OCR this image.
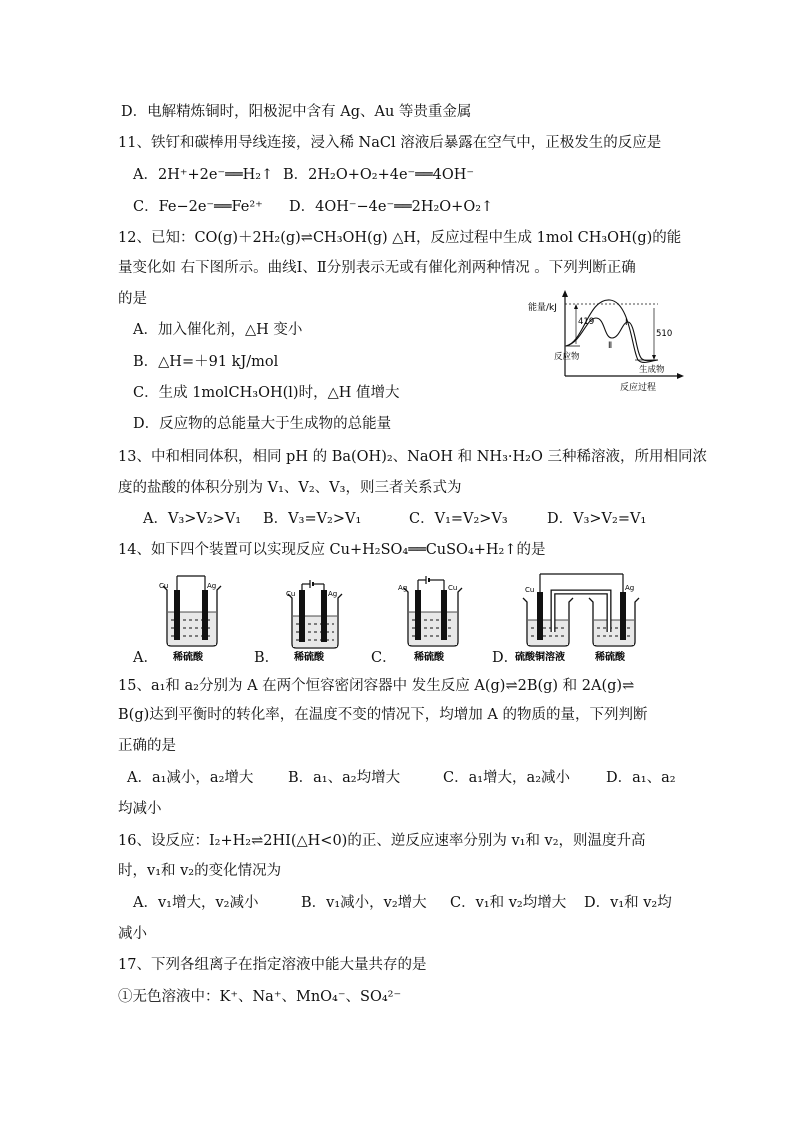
D．电解精炼铜时，阳极泥中含有 Ag、Au 等贵重金属
11、铁钉和碳棒用导线连接，浸入稀 NaCl 溶液后暴露在空气中，正极发生的反应是
A．2H⁺+2e⁻══H₂↑ B．2H₂O+O₂+4e⁻══4OH⁻
C．Fe−2e⁻══Fe²⁺ D．4OH⁻−4e⁻══2H₂O+O₂↑
12、已知：CO(g)＋2H₂(g)⇌CH₃OH(g) △H，反应过程中生成 1mol CH₃OH(g)的能
量变化如 右下图所示。曲线Ⅰ、Ⅱ分别表示无或有催化剂两种情况 。下列判断正确
的是
A．加入催化剂，△H 变小
B．△H=＋91 kJ/mol
C．生成 1molCH₃OH(l)时，△H 值增大
D．反应物的总能量大于生成物的总能量
能量/kJ
419
510
Ⅰ
Ⅱ
反应物
生成物
反应过程
13、中和相同体积，相同 pH 的 Ba(OH)₂、NaOH 和 NH₃·H₂O 三种稀溶液，所用相同浓
度的盐酸的体积分别为 V₁、V₂、V₃，则三者关系式为
A．V₃>V₂>V₁ B．V₃=V₂>V₁	C．V₁=V₂>V₃	D．V₃>V₂=V₁
14、如下四个装置可以实现反应 Cu+H₂SO₄══CuSO₄+H₂↑的是
A．	B．	C．	D．
Cu	Ag
稀硫酸
Cu	Ag
稀硫酸
Ag	Cu
稀硫酸
Cu	Ag
硫酸铜溶液	稀硫酸
15、a₁和 a₂分别为 A 在两个恒容密闭容器中 发生反应 A(g)⇌2B(g) 和 2A(g)⇌
B(g)达到平衡时的转化率，在温度不变的情况下，均增加 A 的物质的量，下列判断
正确的是
A．a₁减小，a₂增大 B．a₁、a₂均增大	C．a₁增大，a₂减小 D．a₁、a₂
均减小
16、设反应：I₂+H₂⇌2HI(△H<0)的正、逆反应速率分别为 v₁和 v₂，则温度升高
时，v₁和 v₂的变化情况为
A．v₁增大，v₂减小	B．v₁减小，v₂增大 C．v₁和 v₂均增大 D．v₁和 v₂均
减小
17、下列各组离子在指定溶液中能大量共存的是
①无色溶液中：K⁺、Na⁺、MnO₄⁻、SO₄²⁻
